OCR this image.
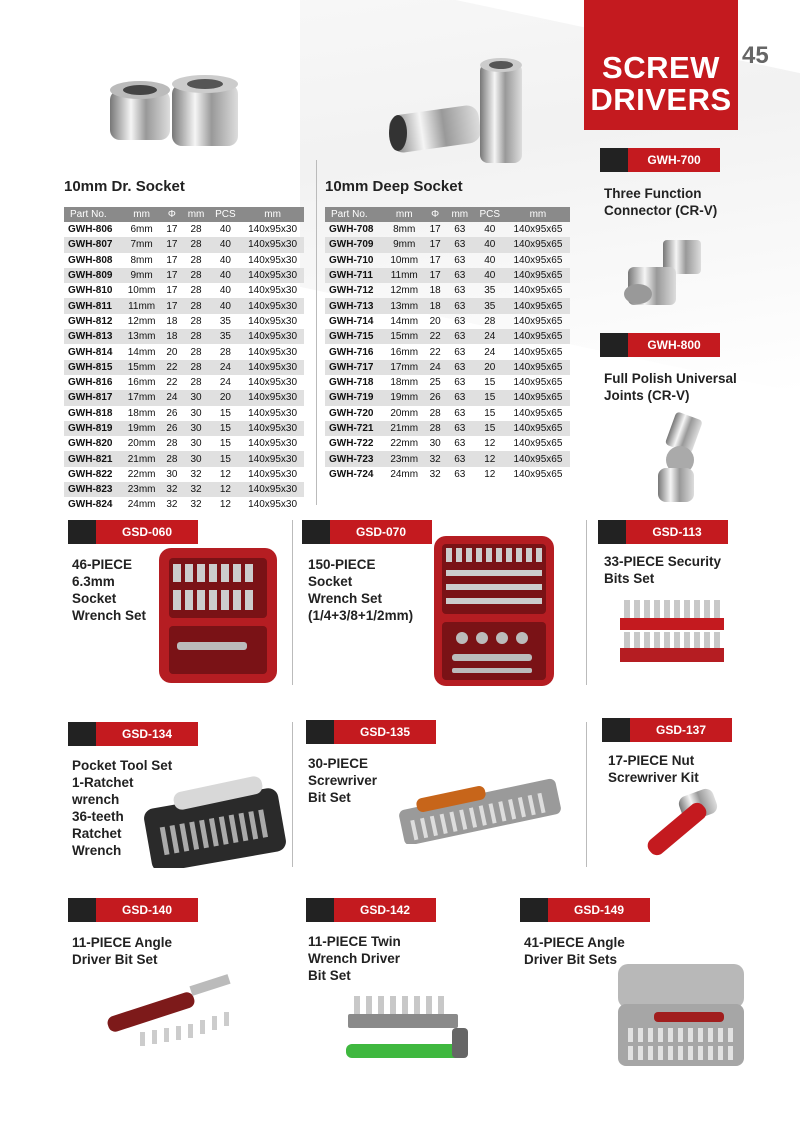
SCREW
DRIVERS
45
10mm Dr. Socket	10mm Deep Socket
Part No.	mm	Φ	mm	PCS	mm
GWH-806	6mm	17	28	40	140x95x30
GWH-807	7mm	17	28	40	140x95x30
GWH-808	8mm	17	28	40	140x95x30
GWH-809	9mm	17	28	40	140x95x30
GWH-810	10mm	17	28	40	140x95x30
GWH-811	11mm	17	28	40	140x95x30
GWH-812	12mm	18	28	35	140x95x30
GWH-813	13mm	18	28	35	140x95x30
GWH-814	14mm	20	28	28	140x95x30
GWH-815	15mm	22	28	24	140x95x30
GWH-816	16mm	22	28	24	140x95x30
GWH-817	17mm	24	30	20	140x95x30
GWH-818	18mm	26	30	15	140x95x30
GWH-819	19mm	26	30	15	140x95x30
GWH-820	20mm	28	30	15	140x95x30
GWH-821	21mm	28	30	15	140x95x30
GWH-822	22mm	30	32	12	140x95x30
GWH-823	23mm	32	32	12	140x95x30
GWH-824	24mm	32	32	12	140x95x30
Part No.	mm	Φ	mm	PCS	mm
GWH-708	8mm	17	63	40	140x95x65
GWH-709	9mm	17	63	40	140x95x65
GWH-710	10mm	17	63	40	140x95x65
GWH-711	11mm	17	63	40	140x95x65
GWH-712	12mm	18	63	35	140x95x65
GWH-713	13mm	18	63	35	140x95x65
GWH-714	14mm	20	63	28	140x95x65
GWH-715	15mm	22	63	24	140x95x65
GWH-716	16mm	22	63	24	140x95x65
GWH-717	17mm	24	63	20	140x95x65
GWH-718	18mm	25	63	15	140x95x65
GWH-719	19mm	26	63	15	140x95x65
GWH-720	20mm	28	63	15	140x95x65
GWH-721	21mm	28	63	15	140x95x65
GWH-722	22mm	30	63	12	140x95x65
GWH-723	23mm	32	63	12	140x95x65
GWH-724	24mm	32	63	12	140x95x65
GWH-700
Three Function
Connector (CR-V)
GWH-800
Full Polish Universal
Joints (CR-V)
GSD-060
46-PIECE
6.3mm
Socket
Wrench Set
GSD-070
150-PIECE
Socket
Wrench Set
(1/4+3/8+1/2mm)
GSD-113
33-PIECE Security
Bits Set
GSD-134
Pocket Tool Set
1-Ratchet
wrench
36-teeth
Ratchet
Wrench
GSD-135
30-PIECE
Screwriver
Bit Set
GSD-137
17-PIECE Nut
Screwriver Kit
GSD-140
11-PIECE Angle
Driver Bit Set
GSD-142
11-PIECE Twin
Wrench Driver
Bit Set
GSD-149
41-PIECE Angle
Driver Bit Sets
